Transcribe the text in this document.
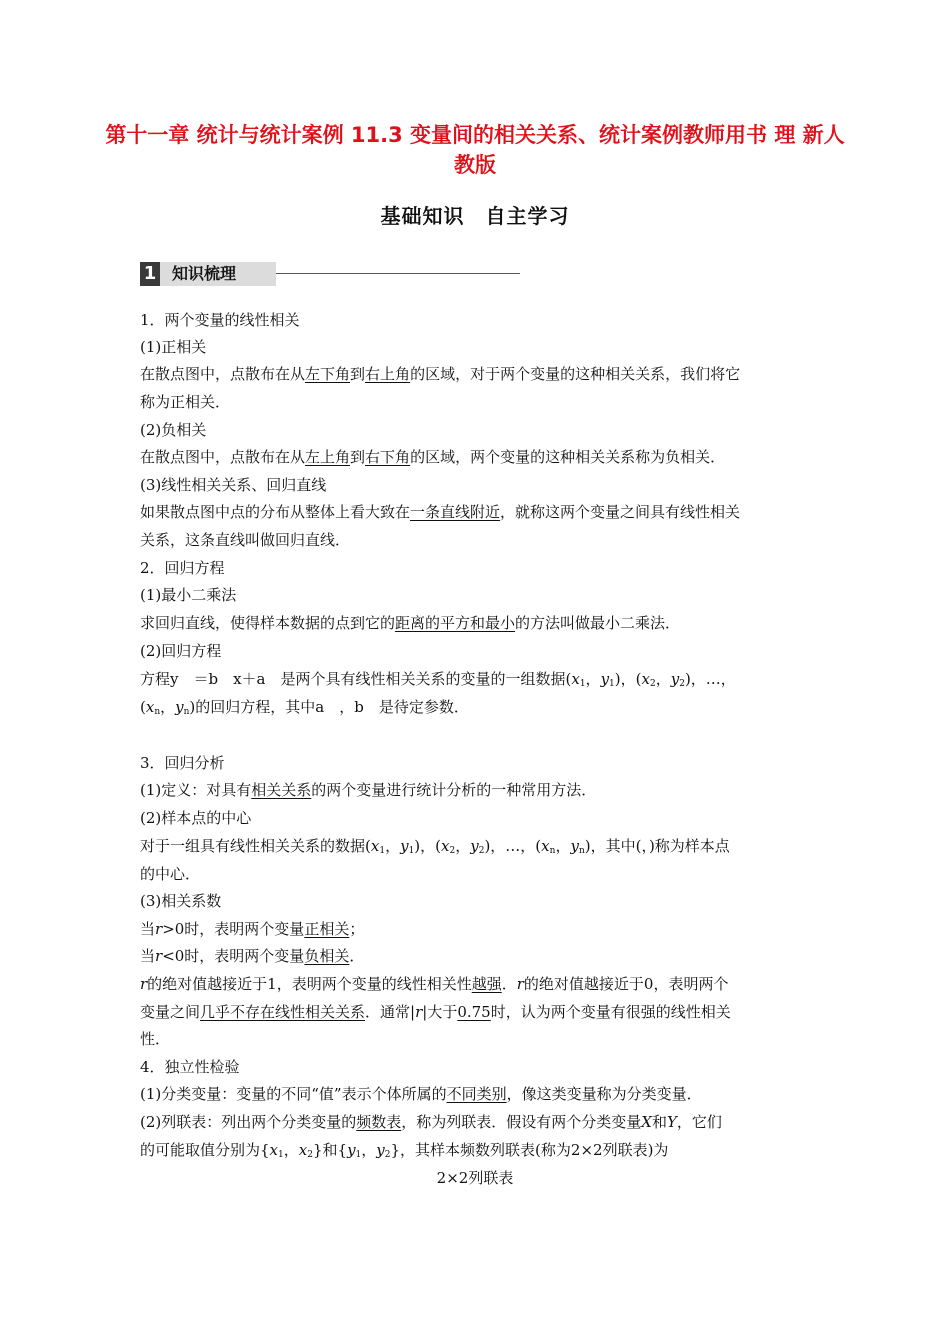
第十一章 统计与统计案例 11.3 变量间的相关关系、统计案例教师用书 理 新人教版
基础知识　自主学习
1 知识梳理
1．两个变量的线性相关
(1)正相关
在散点图中，点散布在从左下角到右上角的区域，对于两个变量的这种相关关系，我们将它
称为正相关．
(2)负相关
在散点图中，点散布在从左上角到右下角的区域，两个变量的这种相关关系称为负相关．
(3)线性相关关系、回归直线
如果散点图中点的分布从整体上看大致在一条直线附近，就称这两个变量之间具有线性相关
关系，这条直线叫做回归直线．
2．回归方程
(1)最小二乘法
求回归直线，使得样本数据的点到它的距离的平方和最小的方法叫做最小二乘法．
(2)回归方程
方程y　＝b　x＋a　是两个具有线性相关关系的变量的一组数据($x_1$，$y_1$)，($x_2$，$y_2$)，…，
($x_n$，$y_n$)的回归方程，其中a　，b　是待定参数．
3．回归分析
(1)定义：对具有相关关系的两个变量进行统计分析的一种常用方法．
(2)样本点的中心
对于一组具有线性相关关系的数据($x_1$，$y_1$)，($x_2$，$y_2$)，…，($x_n$，$y_n$)，其中(，)称为样本点
的中心．
(3)相关系数
当r>0时，表明两个变量正相关；
当r<0时，表明两个变量负相关．
r的绝对值越接近于1，表明两个变量的线性相关性越强．r的绝对值越接近于0，表明两个
变量之间几乎不存在线性相关关系．通常|r|大于0.75时，认为两个变量有很强的线性相关
性．
4．独立性检验
(1)分类变量：变量的不同“值”表示个体所属的不同类别，像这类变量称为分类变量．
(2)列联表：列出两个分类变量的频数表，称为列联表．假设有两个分类变量X和Y，它们
的可能取值分别为{$x_1$，$x_2$}和{$y_1$，$y_2$}，其样本频数列联表(称为2×2列联表)为
2×2列联表
